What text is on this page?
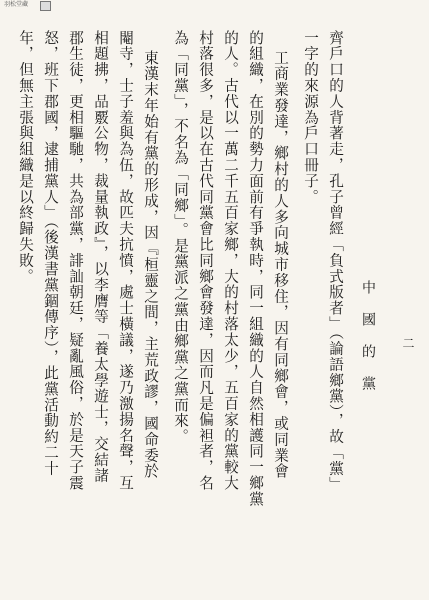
羽松堂藏
中國的黨 二
齊戶口的人背著走，孔子曾經「負式版者」（論語鄉黨），故「黨」
一字的來源為戶口冊子。
工商業發達，鄉村的人多向城市移住，因有同鄉會，或同業會
的組織，在別的勢力面前有爭執時，同一組織的人自然相護同一鄉黨
的人。古代以一萬二千五百家鄉，大的村落太少，五百家的黨較大
村落很多，是以在古代同黨會比同鄉會發達，因而凡是偏袒者，名
為「同黨」，不名為「同鄉」。是黨派之黨由鄉黨之黨而來。
東漢末年始有黨的形成，因『桓靈之間，主荒政謬，國命委於
閹寺，士子羞與為伍，故匹夫抗憤，處士橫議，遂乃激揚名聲，互
相題拂，品覈公物，裁量執政』，以李膺等「養太學遊士，交結諸
郡生徒，更相驅馳，共為部黨，誹訕朝廷，疑亂風俗，於是天子震
怒，班下郡國，逮捕黨人」（後漢書黨錮傳序），此黨活動約二十
年，但無主張與組織是以終歸失敗。
